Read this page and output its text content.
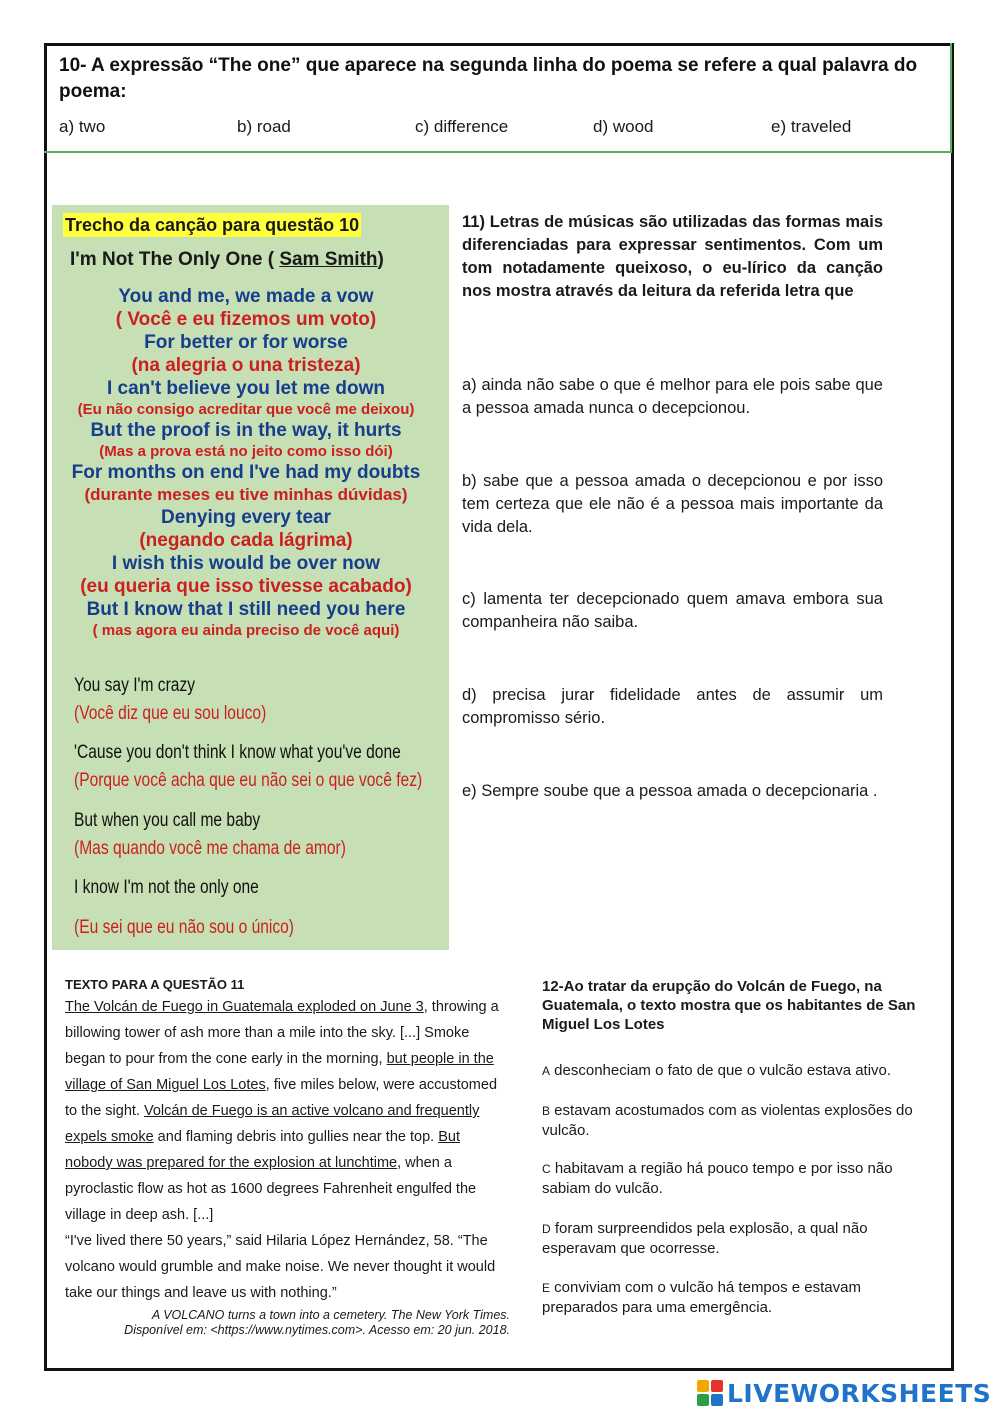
10- A expressão “The one” que aparece na segunda linha do poema se refere a qual palavra do poema:
a) two	b) road	c) difference	d) wood	e) traveled
Trecho da canção para questão 10
I'm Not The Only One ( Sam Smith)
You and me, we made a vow
( Você e eu fizemos um voto)
For better or for worse
(na alegria o una tristeza)
I can't believe you let me down
(Eu não consigo acreditar que você me deixou)
But the proof is in the way, it hurts
(Mas a prova está no jeito como isso dói)
For months on end I've had my doubts
(durante meses eu tive minhas dúvidas)
Denying every tear
(negando cada lágrima)
I wish this would be over now
(eu queria que isso tivesse acabado)
But I know that I still need you here
( mas agora eu ainda preciso de você aqui)
You say I'm crazy
(Você diz que eu sou louco)
'Cause you don't think I know what you've done
(Porque você acha que eu não sei o que você fez)
But when you call me baby
(Mas quando você me chama de amor)
I know I'm not the only one
(Eu sei que eu não sou o único)
11) Letras de músicas são utilizadas das formas mais diferenciadas para expressar sentimentos. Com um tom notadamente queixoso, o eu-lírico da canção nos mostra através da leitura da referida letra que
a) ainda não sabe o que é melhor para ele pois sabe que a pessoa amada nunca o decepcionou.
b) sabe que a pessoa amada o decepcionou e por isso tem certeza que ele não é a pessoa mais importante da vida dela.
c) lamenta ter decepcionado quem amava embora sua companheira não saiba.
d) precisa jurar fidelidade antes de assumir um compromisso sério.
e) Sempre soube que a pessoa amada o decepcionaria .
TEXTO PARA A QUESTÃO 11
The Volcán de Fuego in Guatemala exploded on June 3, throwing a billowing tower of ash more than a mile into the sky. [...] Smoke began to pour from the cone early in the morning, but people in the village of San Miguel Los Lotes, five miles below, were accustomed to the sight. Volcán de Fuego is an active volcano and frequently expels smoke and flaming debris into gullies near the top. But nobody was prepared for the explosion at lunchtime, when a pyroclastic flow as hot as 1600 degrees Fahrenheit engulfed the village in deep ash. [...]
“I've lived there 50 years,” said Hilaria López Hernández, 58. “The volcano would grumble and make noise. We never thought it would take our things and leave us with nothing.”
A VOLCANO turns a town into a cemetery. The New York Times.
Disponível em: <https://www.nytimes.com>. Acesso em: 20 jun. 2018.
12-Ao tratar da erupção do Volcán de Fuego, na Guatemala, o texto mostra que os habitantes de San Miguel Los Lotes
A desconheciam o fato de que o vulcão estava ativo.
B estavam acostumados com as violentas explosões do vulcão.
C habitavam a região há pouco tempo e por isso não sabiam do vulcão.
D foram surpreendidos pela explosão, a qual não esperavam que ocorresse.
E conviviam com o vulcão há tempos e estavam preparados para uma emergência.
LIVEWORKSHEETS
